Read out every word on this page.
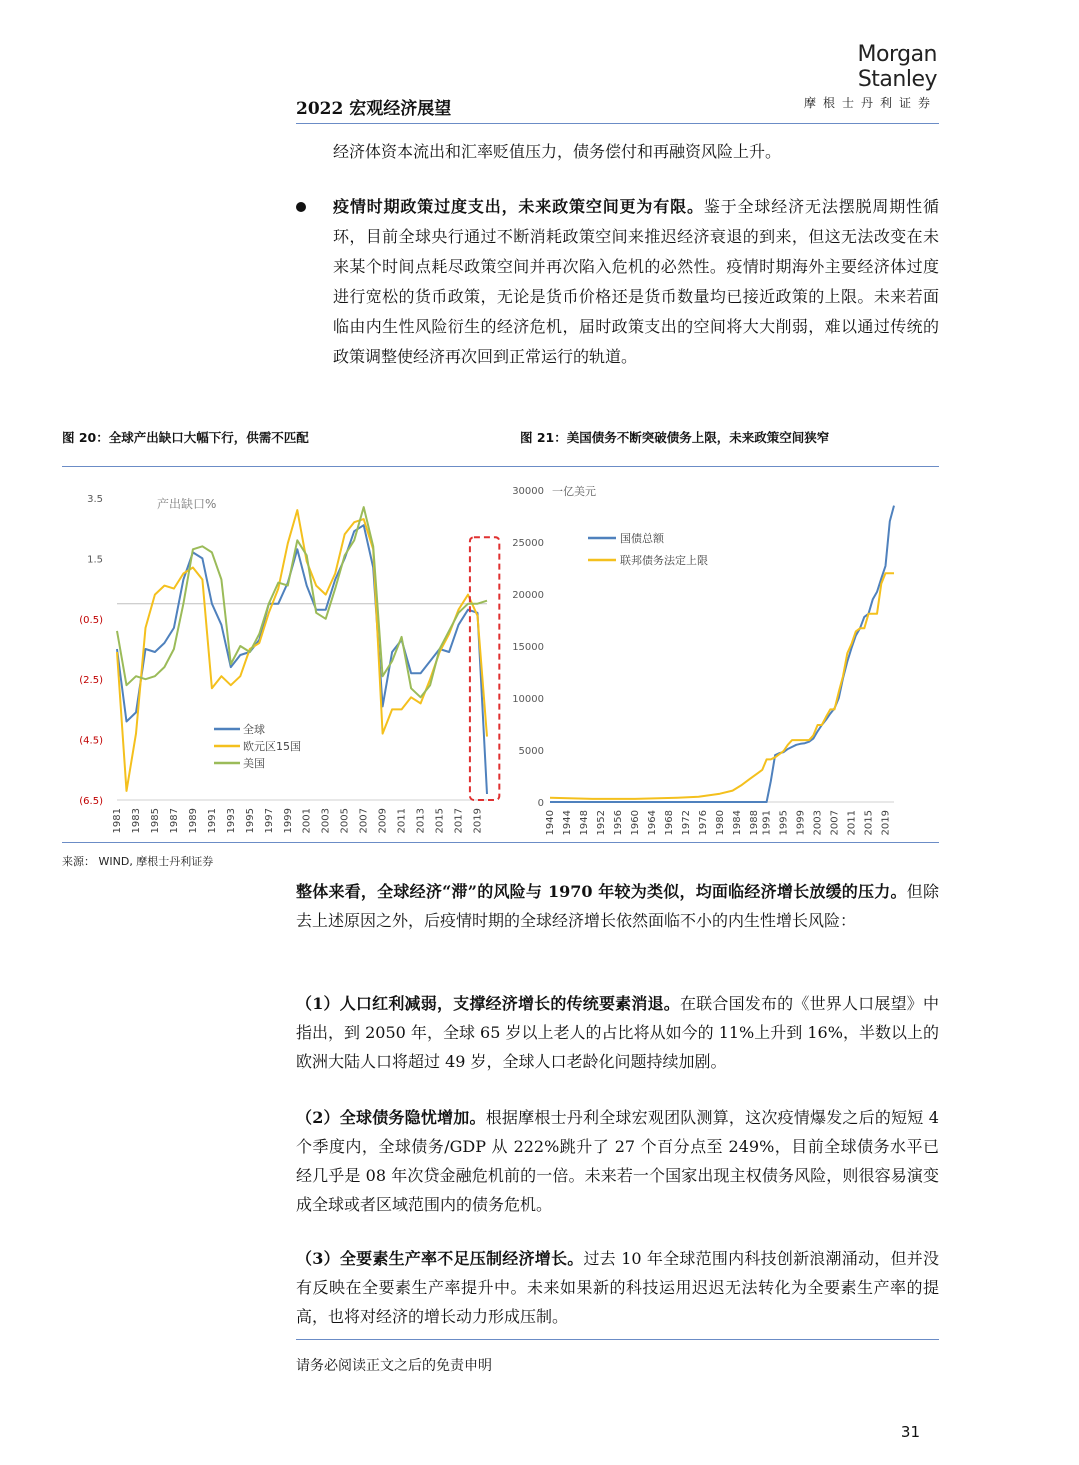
Morgan Stanley
摩根士丹利证券
2022 宏观经济展望
经济体资本流出和汇率贬值压力，债务偿付和再融资风险上升。
疫情时期政策过度支出，未来政策空间更为有限。鉴于全球经济无法摆脱周期性循环，目前全球央行通过不断消耗政策空间来推迟经济衰退的到来，但这无法改变在未来某个时间点耗尽政策空间并再次陷入危机的必然性。疫情时期海外主要经济体过度进行宽松的货币政策，无论是货币价格还是货币数量均已接近政策的上限。未来若面临由内生性风险衍生的经济危机，届时政策支出的空间将大大削弱，难以通过传统的政策调整使经济再次回到正常运行的轨道。
图 20：全球产出缺口大幅下行，供需不匹配	图 21：美国债务不断突破债务上限，未来政策空间狭窄
3.5
1.5
(0.5)
(2.5)
(4.5)
(6.5)
1981 1983 1985 1987 1989 1991 1993 1995 1997 1999 2001 2003 2005 2007 2009 2011 2013 2015 2017 2019
产出缺口%
全球
欧元区15国
美国
30000
25000
20000
15000
10000
5000
0
1940 1944 1948 1952 1956 1960 1964 1968 1972 1976 1980 1984 1988 1991 1995 1999 2003 2007 2011 2015 2019
一亿美元
国债总额
联邦债务法定上限
来源： WIND, 摩根士丹利证券
整体来看，全球经济“滞”的风险与 1970 年较为类似，均面临经济增长放缓的压力。但除去上述原因之外，后疫情时期的全球经济增长依然面临不小的内生性增长风险：
（1）人口红利减弱，支撑经济增长的传统要素消退。在联合国发布的《世界人口展望》中指出，到 2050 年，全球 65 岁以上老人的占比将从如今的 11%上升到 16%，半数以上的欧洲大陆人口将超过 49 岁，全球人口老龄化问题持续加剧。
（2）全球债务隐忧增加。根据摩根士丹利全球宏观团队测算，这次疫情爆发之后的短短 4 个季度内，全球债务/GDP 从 222%跳升了 27 个百分点至 249%，目前全球债务水平已经几乎是 08 年次贷金融危机前的一倍。未来若一个国家出现主权债务风险，则很容易演变成全球或者区域范围内的债务危机。
（3）全要素生产率不足压制经济增长。过去 10 年全球范围内科技创新浪潮涌动，但并没有反映在全要素生产率提升中。未来如果新的科技运用迟迟无法转化为全要素生产率的提高，也将对经济的增长动力形成压制。
请务必阅读正文之后的免责申明
31
